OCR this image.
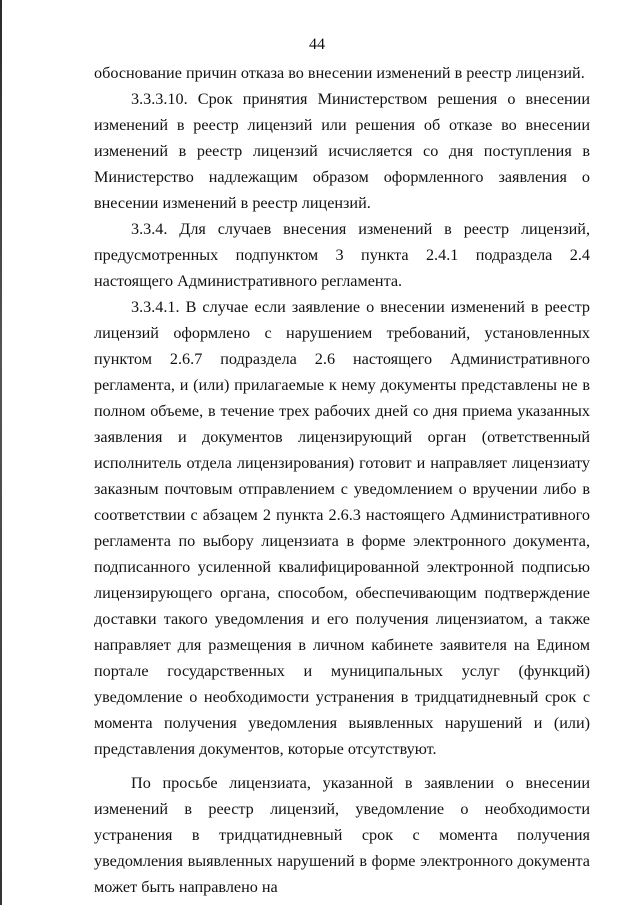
44

обоснование причин отказа во внесении изменений в реестр лицензий.

3.3.3.10. Срок принятия Министерством решения о внесении изменений в реестр лицензий или решения об отказе во внесении изменений в реестр лицензий исчисляется со дня поступления в Министерство надлежащим образом оформленного заявления о внесении изменений в реестр лицензий.

3.3.4. Для случаев внесения изменений в реестр лицензий, предусмотренных подпунктом 3 пункта 2.4.1 подраздела 2.4 настоящего Административного регламента.

3.3.4.1. В случае если заявление о внесении изменений в реестр лицензий оформлено с нарушением требований, установленных пунктом 2.6.7 подраздела 2.6 настоящего Административного регламента, и (или) прилагаемые к нему документы представлены не в полном объеме, в течение трех рабочих дней со дня приема указанных заявления и документов лицензирующий орган (ответственный исполнитель отдела лицензирования) готовит и направляет лицензиату заказным почтовым отправлением с уведомлением о вручении либо в соответствии с абзацем 2 пункта 2.6.3 настоящего Административного регламента по выбору лицензиата в форме электронного документа, подписанного усиленной квалифицированной электронной подписью лицензирующего органа, способом, обеспечивающим подтверждение доставки такого уведомления и его получения лицензиатом, а также направляет для размещения в личном кабинете заявителя на Едином портале государственных и муниципальных услуг (функций) уведомление о необходимости устранения в тридцатидневный срок с момента получения уведомления выявленных нарушений и (или) представления документов, которые отсутствуют.

По просьбе лицензиата, указанной в заявлении о внесении изменений в реестр лицензий, уведомление о необходимости устранения в тридцатидневный срок с момента получения уведомления выявленных нарушений в форме электронного документа может быть направлено на
